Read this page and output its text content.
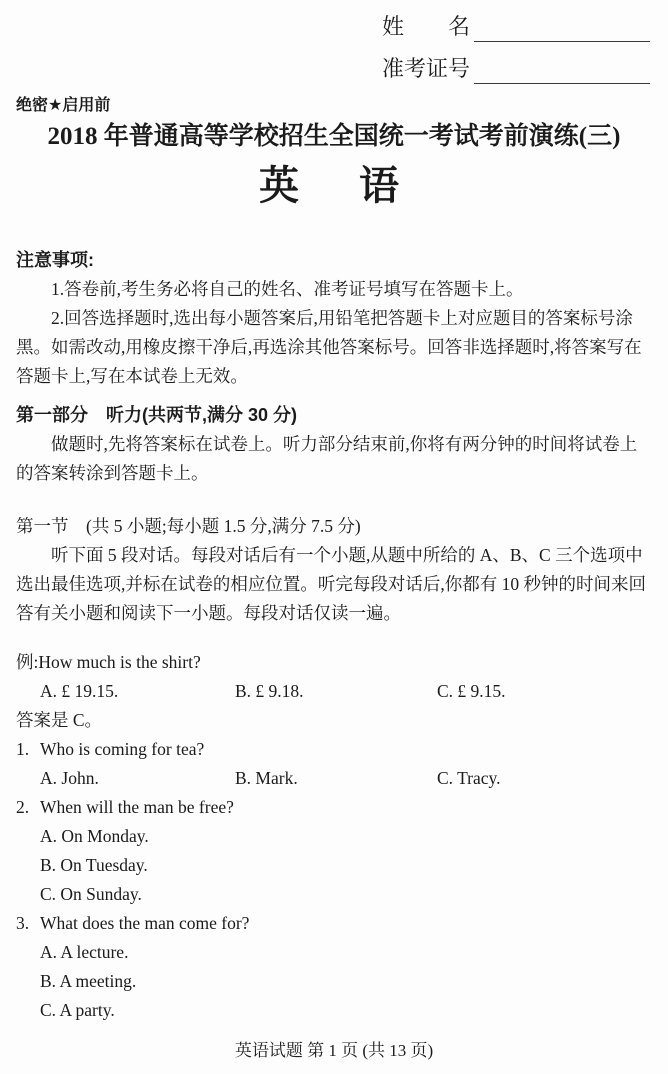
姓　　名
准考证号
绝密★启用前
2018 年普通高等学校招生全国统一考试考前演练(三)
英　语
注意事项:

1.答卷前,考生务必将自己的姓名、准考证号填写在答题卡上。

2.回答选择题时,选出每小题答案后,用铅笔把答题卡上对应题目的答案标号涂黑。如需改动,用橡皮擦干净后,再选涂其他答案标号。回答非选择题时,将答案写在答题卡上,写在本试卷上无效。

第一部分　听力(共两节,满分 30 分)

做题时,先将答案标在试卷上。听力部分结束前,你将有两分钟的时间将试卷上的答案转涂到答题卡上。

第一节　(共 5 小题;每小题 1.5 分,满分 7.5 分)

听下面 5 段对话。每段对话后有一个小题,从题中所给的 A、B、C 三个选项中选出最佳选项,并标在试卷的相应位置。听完每段对话后,你都有 10 秒钟的时间来回答有关小题和阅读下一小题。每段对话仅读一遍。

例: How much is the shirt?

A. £ 19.15.	B. £ 9.18.	C. £ 9.15.

答案是 C。

1. Who is coming for tea?

A. John.	B. Mark.	C. Tracy.

2. When will the man be free?

A. On Monday.

B. On Tuesday.

C. On Sunday.

3. What does the man come for?

A. A lecture.

B. A meeting.

C. A party.

英语试题 第 1 页 (共 13 页)
